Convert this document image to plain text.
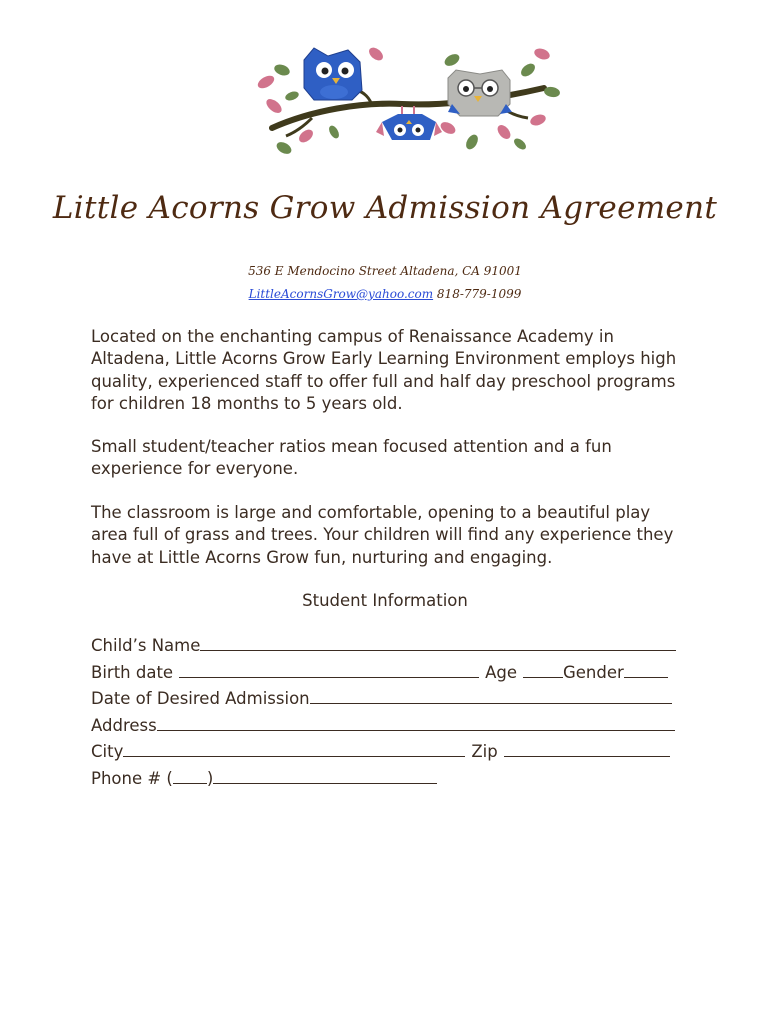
Little Acorns Grow Admission Agreement
536 E Mendocino Street Altadena, CA 91001
LittleAcornsGrow@yahoo.com 818-779-1099
Located on the enchanting campus of Renaissance Academy in Altadena, Little Acorns Grow Early Learning Environment employs high quality, experienced staff to offer full and half day preschool programs for children 18 months to 5 years old.
Small student/teacher ratios mean focused attention and a fun experience for everyone.
The classroom is large and comfortable, opening to a beautiful play area full of grass and trees. Your children will find any experience they have at Little Acorns Grow fun, nurturing and engaging.
Student Information
Child’s Name
Birth date	Age	Gender
Date of Desired Admission
Address
City	Zip
Phone # ( )
